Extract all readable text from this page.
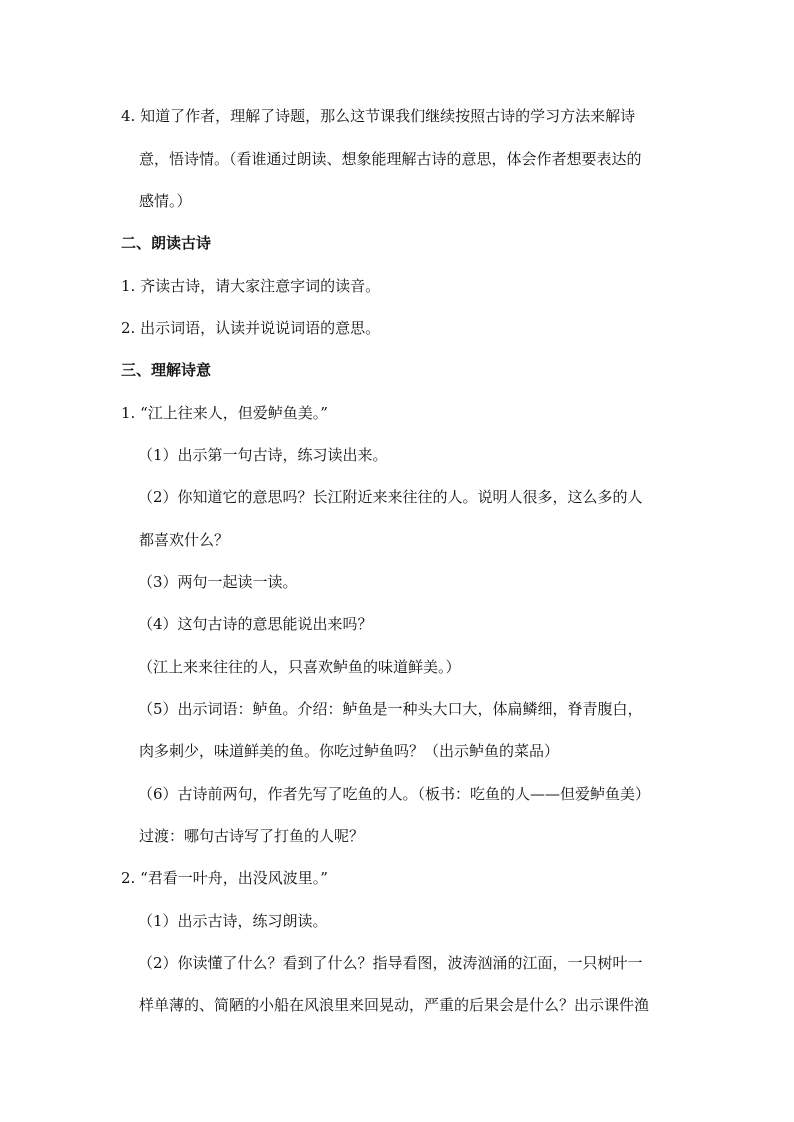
4. 知道了作者，理解了诗题，那么这节课我们继续按照古诗的学习方法来解诗
意，悟诗情。（看谁通过朗读、想象能理解古诗的意思，体会作者想要表达的
感情。）
二、朗读古诗
1. 齐读古诗，请大家注意字词的读音。
2. 出示词语，认读并说说词语的意思。
三、理解诗意
1. “江上往来人，但爱鲈鱼美。”
（1）出示第一句古诗，练习读出来。
（2）你知道它的意思吗？长江附近来来往往的人。说明人很多，这么多的人
都喜欢什么？
（3）两句一起读一读。
（4）这句古诗的意思能说出来吗？
（江上来来往往的人，只喜欢鲈鱼的味道鲜美。）
（5）出示词语：鲈鱼。介绍：鲈鱼是一种头大口大，体扁鳞细，脊青腹白，
肉多刺少，味道鲜美的鱼。你吃过鲈鱼吗？（出示鲈鱼的菜品）
（6）古诗前两句，作者先写了吃鱼的人。（板书：吃鱼的人——但爱鲈鱼美）
过渡：哪句古诗写了打鱼的人呢？
2. “君看一叶舟，出没风波里。”
（1）出示古诗，练习朗读。
（2）你读懂了什么？看到了什么？指导看图，波涛汹涌的江面，一只树叶一
样单薄的、简陋的小船在风浪里来回晃动，严重的后果会是什么？出示课件渔
